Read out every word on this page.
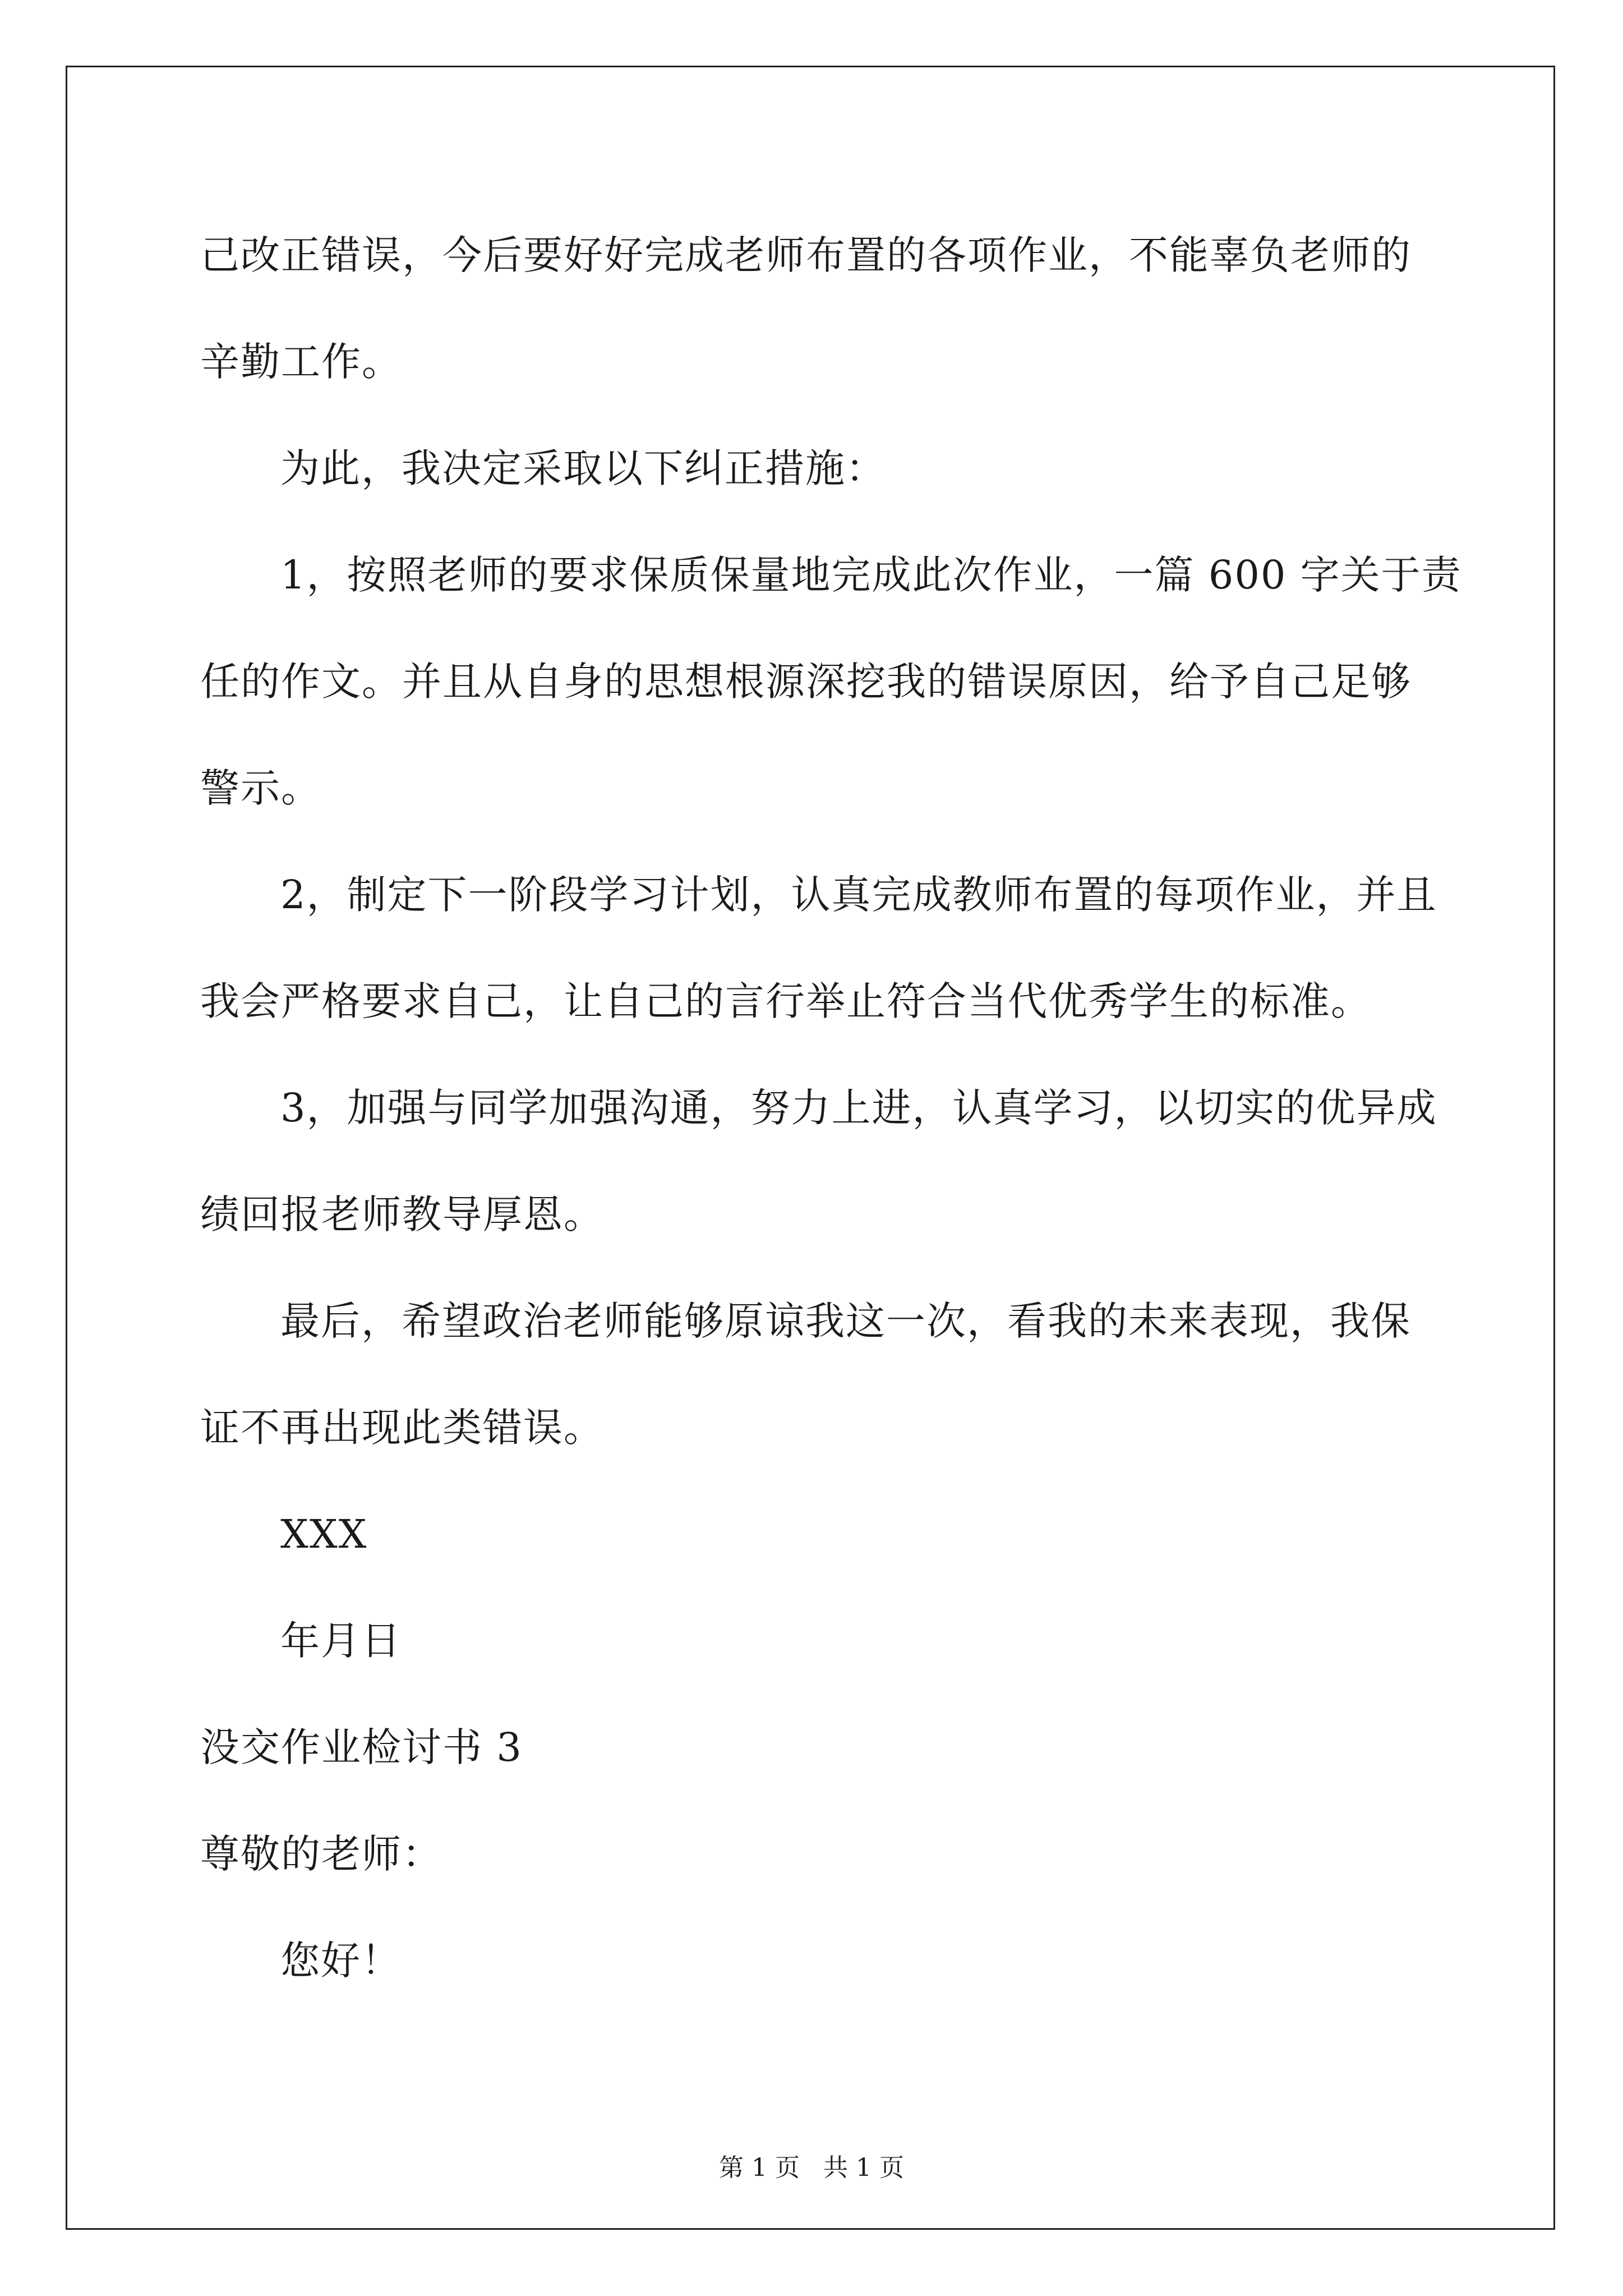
己改正错误，今后要好好完成老师布置的各项作业，不能辜负老师的
辛勤工作。
为此，我决定采取以下纠正措施：
1，按照老师的要求保质保量地完成此次作业，一篇 600 字关于责
任的作文。并且从自身的思想根源深挖我的错误原因，给予自己足够
警示。
2，制定下一阶段学习计划，认真完成教师布置的每项作业，并且
我会严格要求自己，让自己的言行举止符合当代优秀学生的标准。
3，加强与同学加强沟通，努力上进，认真学习，以切实的优异成
绩回报老师教导厚恩。
最后，希望政治老师能够原谅我这一次，看我的未来表现，我保
证不再出现此类错误。
XXX
年月日
没交作业检讨书 3
尊敬的老师：
您好！
第 1 页   共 1 页
